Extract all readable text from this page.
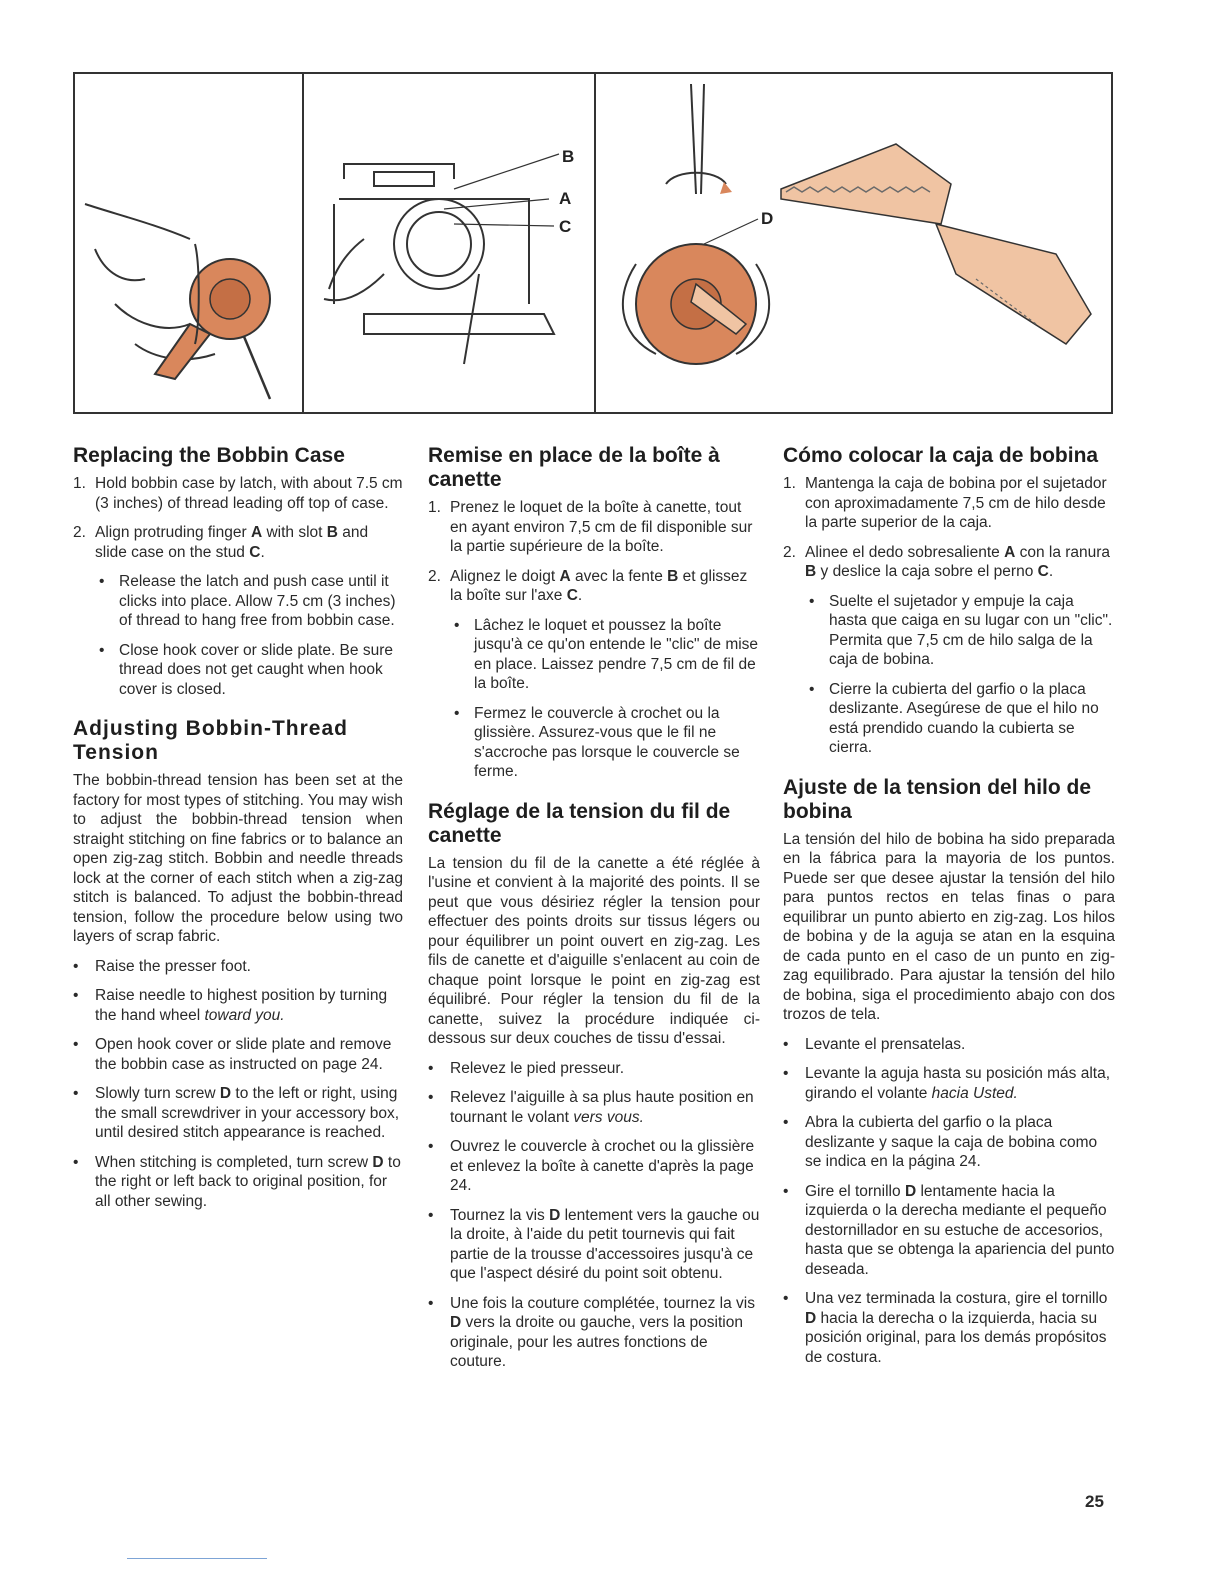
B
A
C	D
Replacing the Bobbin Case
1. Hold bobbin case by latch, with about 7.5 cm (3 inches) of thread leading off top of case.
2. Align protruding finger A with slot B and slide case on the stud C.
• Release the latch and push case until it clicks into place. Allow 7.5 cm (3 inches) of thread to hang free from bobbin case.
• Close hook cover or slide plate. Be sure thread does not get caught when hook cover is closed.
Adjusting Bobbin-Thread Tension

The bobbin-thread tension has been set at the factory for most types of stitching. You may wish to adjust the bobbin-thread tension when straight stitching on fine fabrics or to balance an open zig-zag stitch. Bobbin and needle threads lock at the corner of each stitch when a zig-zag stitch is balanced. To adjust the bobbin-thread tension, follow the procedure below using two layers of scrap fabric.

• Raise the presser foot.
• Raise needle to highest position by turning the hand wheel toward you.
• Open hook cover or slide plate and remove the bobbin case as instructed on page 24.
• Slowly turn screw D to the left or right, using the small screwdriver in your accessory box, until desired stitch appearance is reached.
• When stitching is completed, turn screw D to the right or left back to original position, for all other sewing.
Remise en place de la boîte à canette
1. Prenez le loquet de la boîte à canette, tout en ayant environ 7,5 cm de fil disponible sur la partie supérieure de la boîte.
2. Alignez le doigt A avec la fente B et glissez la boîte sur l'axe C.
• Lâchez le loquet et poussez la boîte jusqu'à ce qu'on entende le "clic" de mise en place. Laissez pendre 7,5 cm de fil de la boîte.
• Fermez le couvercle à crochet ou la glissière. Assurez-vous que le fil ne s'accroche pas lorsque le couvercle se ferme.
Réglage de la tension du fil de canette

La tension du fil de la canette a été réglée à l'usine et convient à la majorité des points. Il se peut que vous désiriez régler la tension pour effectuer des points droits sur tissus légers ou pour équilibrer un point ouvert en zig-zag. Les fils de canette et d'aiguille s'enlacent au coin de chaque point lorsque le point en zig-zag est équilibré. Pour régler la tension du fil de la canette, suivez la procédure indiquée ci-dessous sur deux couches de tissu d'essai.

• Relevez le pied presseur.
• Relevez l'aiguille à sa plus haute position en tournant le volant vers vous.
• Ouvrez le couvercle à crochet ou la glissière et enlevez la boîte à canette d'après la page 24.
• Tournez la vis D lentement vers la gauche ou la droite, à l'aide du petit tournevis qui fait partie de la trousse d'accessoires jusqu'à ce que l'aspect désiré du point soit obtenu.
• Une fois la couture complétée, tournez la vis D vers la droite ou gauche, vers la position originale, pour les autres fonctions de couture.
Cómo colocar la caja de bobina
1. Mantenga la caja de bobina por el sujetador con aproximadamente 7,5 cm de hilo desde la parte superior de la caja.
2. Alinee el dedo sobresaliente A con la ranura B y deslice la caja sobre el perno C.
• Suelte el sujetador y empuje la caja hasta que caiga en su lugar con un "clic". Permita que 7,5 cm de hilo salga de la caja de bobina.
• Cierre la cubierta del garfio o la placa deslizante. Asegúrese de que el hilo no está prendido cuando la cubierta se cierra.
Ajuste de la tension del hilo de bobina

La tensión del hilo de bobina ha sido preparada en la fábrica para la mayoria de los puntos. Puede ser que desee ajustar la tensión del hilo para puntos rectos en telas finas o para equilibrar un punto abierto en zig-zag. Los hilos de bobina y de la aguja se atan en la esquina de cada punto en el caso de un punto en zig-zag equilibrado. Para ajustar la tensión del hilo de bobina, siga el procedimiento abajo con dos trozos de tela.

• Levante el prensatelas.
• Levante la aguja hasta su posición más alta, girando el volante hacia Usted.
• Abra la cubierta del garfio o la placa deslizante y saque la caja de bobina como se indica en la página 24.
• Gire el tornillo D lentamente hacia la izquierda o la derecha mediante el pequeño destornillador en su estuche de accesorios, hasta que se obtenga la apariencia del punto deseada.
• Una vez terminada la costura, gire el tornillo D hacia la derecha o la izquierda, hacia su posición original, para los demás propósitos de costura.
25
